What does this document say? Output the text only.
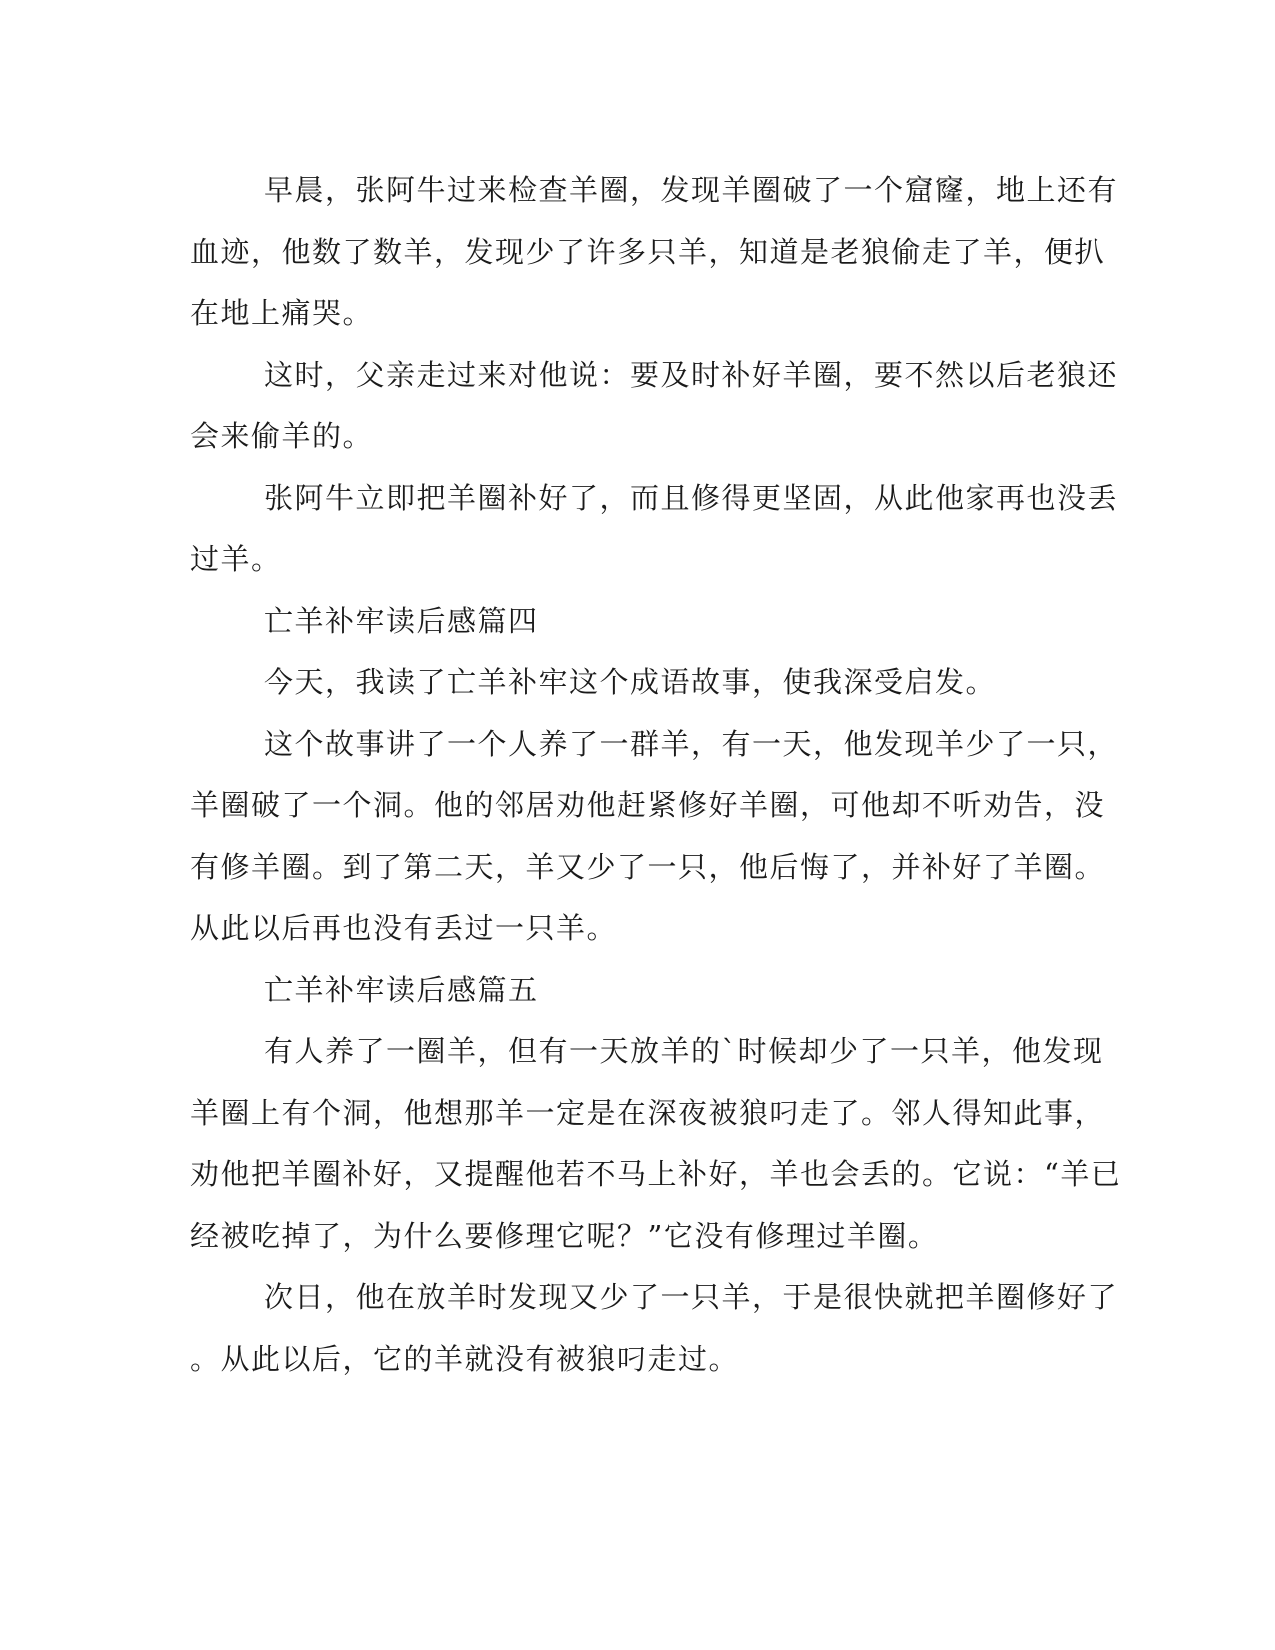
早晨，张阿牛过来检查羊圈，发现羊圈破了一个窟窿，地上还有
血迹，他数了数羊，发现少了许多只羊，知道是老狼偷走了羊，便扒
在地上痛哭。
这时，父亲走过来对他说：要及时补好羊圈，要不然以后老狼还
会来偷羊的。
张阿牛立即把羊圈补好了，而且修得更坚固，从此他家再也没丢
过羊。
亡羊补牢读后感篇四
今天，我读了亡羊补牢这个成语故事，使我深受启发。
这个故事讲了一个人养了一群羊，有一天，他发现羊少了一只，
羊圈破了一个洞。他的邻居劝他赶紧修好羊圈，可他却不听劝告，没
有修羊圈。到了第二天，羊又少了一只，他后悔了，并补好了羊圈。
从此以后再也没有丢过一只羊。
亡羊补牢读后感篇五
有人养了一圈羊，但有一天放羊的`时候却少了一只羊，他发现
羊圈上有个洞，他想那羊一定是在深夜被狼叼走了。邻人得知此事，
劝他把羊圈补好，又提醒他若不马上补好，羊也会丢的。它说：“羊已
经被吃掉了，为什么要修理它呢？”它没有修理过羊圈。
次日，他在放羊时发现又少了一只羊，于是很快就把羊圈修好了
。从此以后，它的羊就没有被狼叼走过。
